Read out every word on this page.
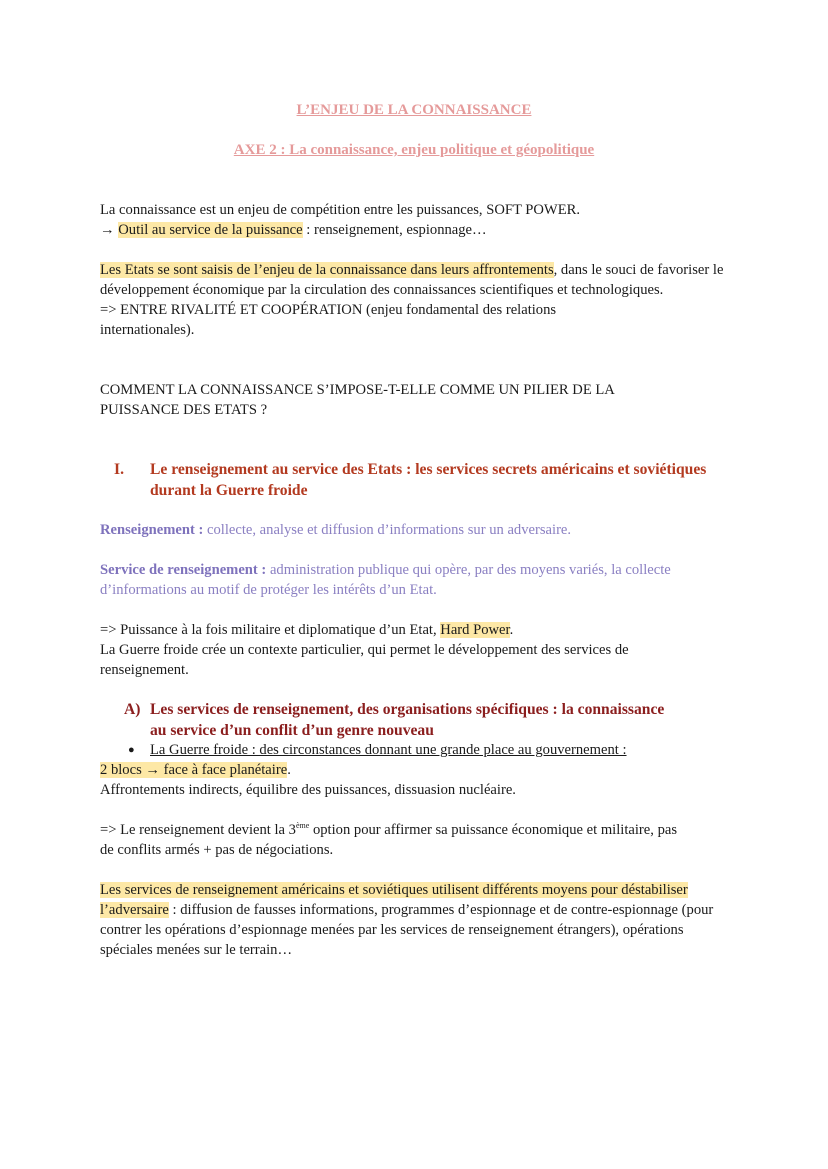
L’ENJEU DE LA CONNAISSANCE
AXE 2 : La connaissance, enjeu politique et géopolitique

La connaissance est un enjeu de compétition entre les puissances, SOFT POWER.

→ Outil au service de la puissance : renseignement, espionnage…

Les Etats se sont saisis de l’enjeu de la connaissance dans leurs affrontements, dans le souci de favoriser le développement économique par la circulation des connaissances scientifiques et technologiques.

=> ENTRE RIVALITÉ ET COOPÉRATION (enjeu fondamental des relations internationales).

COMMENT LA CONNAISSANCE S’IMPOSE-T-ELLE COMME UN PILIER DE LA PUISSANCE DES ETATS ?
I. Le renseignement au service des Etats : les services secrets américains et soviétiques durant la Guerre froide
Renseignement : collecte, analyse et diffusion d’informations sur un adversaire.
Service de renseignement : administration publique qui opère, par des moyens variés, la collecte d’informations au motif de protéger les intérêts d’un Etat.

=> Puissance à la fois militaire et diplomatique d’un Etat, Hard Power.

La Guerre froide crée un contexte particulier, qui permet le développement des services de renseignement.

A) Les services de renseignement, des organisations spécifiques : la connaissance au service d’un conflit d’un genre nouveau
● La Guerre froide : des circonstances donnant une grande place au gouvernement :

2 blocs → face à face planétaire.

Affrontements indirects, équilibre des puissances, dissuasion nucléaire.

=> Le renseignement devient la 3ème option pour affirmer sa puissance économique et militaire, pas de conflits armés + pas de négociations.
Les services de renseignement américains et soviétiques utilisent différents moyens pour déstabiliser l’adversaire : diffusion de fausses informations, programmes d’espionnage et de contre-espionnage (pour contrer les opérations d’espionnage menées par les services de renseignement étrangers), opérations spéciales menées sur le terrain…
